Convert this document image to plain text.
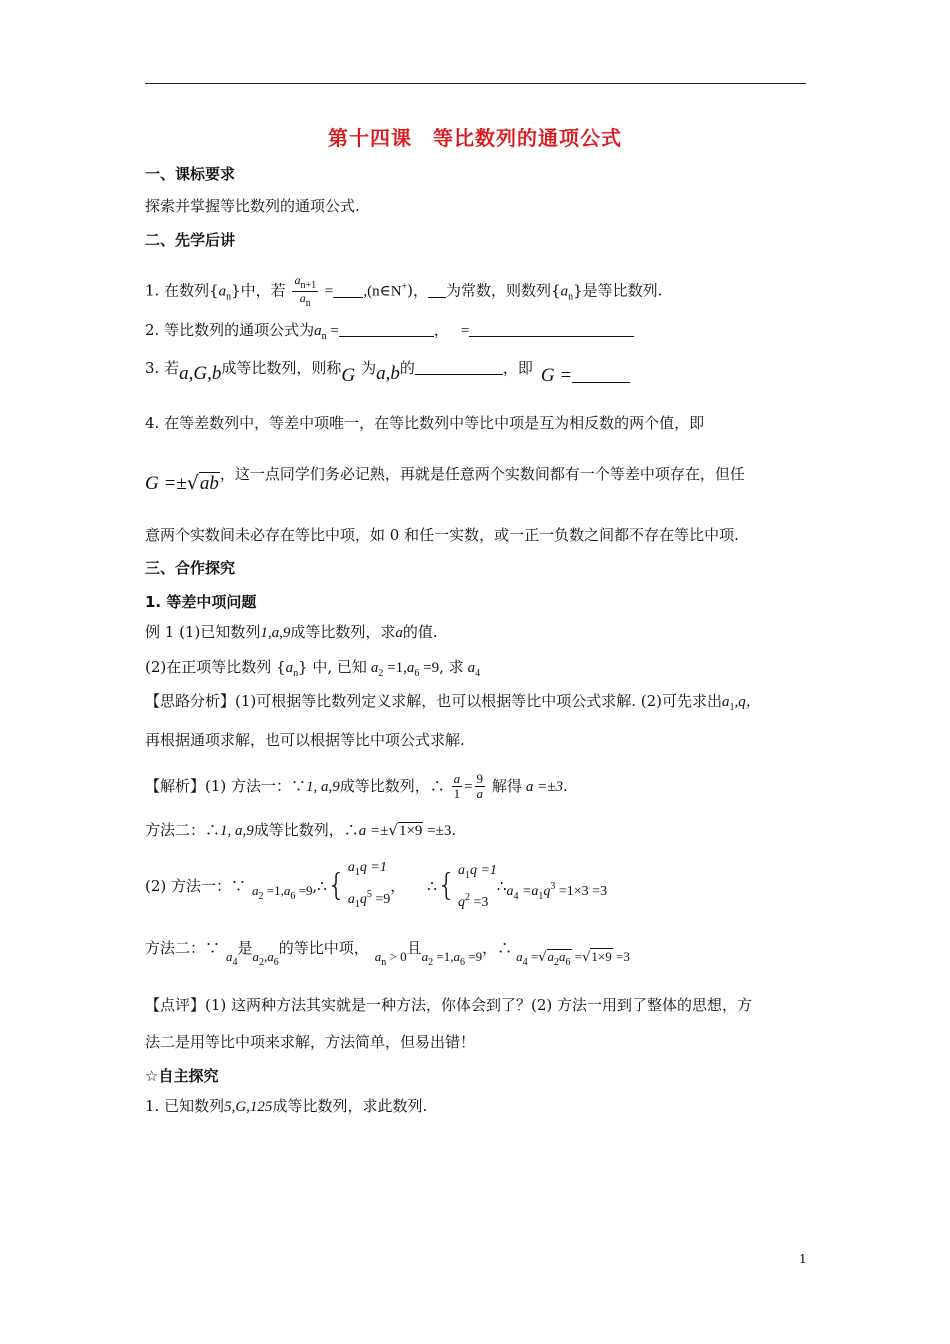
第十四课　等比数列的通项公式
一、课标要求
探索并掌握等比数列的通项公式.
二、先学后讲
1. 在数列$\{a_n\}$中，若 $\frac{a_{n+1}}{a_n}$ = ,(n∈N+)， 为常数，则数列$\{a_n\}$是等比数列.
2. 等比数列的通项公式为$a_n$ =	， =
3. 若a,G,b成等比数列，则称G 为a,b的	，即 G =
4. 在等差数列中，等差中项唯一，在等比数列中等比中项是互为相反数的两个值，即
G =±√ab，这一点同学们务必记熟，再就是任意两个实数间都有一个等差中项存在，但任
意两个实数间未必存在等比中项，如 0 和任一实数，或一正一负数之间都不存在等比中项.
三、合作探究
1. 等差中项问题
例 1 (1)已知数列1,a,9成等比数列，求a的值.
(2)在正项等比数列 $\{a_n\}$ 中, 已知 $a_2 =1,a_6 =9$, 求 $a_4$
【思路分析】(1)可根据等比数列定义求解，也可以根据等比中项公式求解. (2)可先求出$a_1,q$，
再根据通项求解，也可以根据等比中项公式求解.
【解析】(1) 方法一：∵1, a,9成等比数列，∴ $\frac{a}{1} = \frac{9}{a}$ 解得 a =±3.
方法二：∴1, a,9成等比数列，∴a =±√1×9 =±3.
(2) 方法一：∵ $a_2 =1,a_6 =9$ ,∴ {
$a_1q =1$
$a_1q^5 =9$
， ∴ { $a_1q =1$
$q^2 =3$
∴ $a_4 =a_1q^3 =1\times 3 =3$
方法二：∵ $a_4$是$a_2,a_6$的等比中项， $a_n > 0$且$a_2 =1,a_6 =9$，∴ $a_4 =√a_2a_6 =√1\times 9 =3$
【点评】(1) 这两种方法其实就是一种方法，你体会到了？(2) 方法一用到了整体的思想，方
法二是用等比中项来求解，方法简单，但易出错！
☆自主探究
1. 已知数列5,G,125成等比数列，求此数列.
1
